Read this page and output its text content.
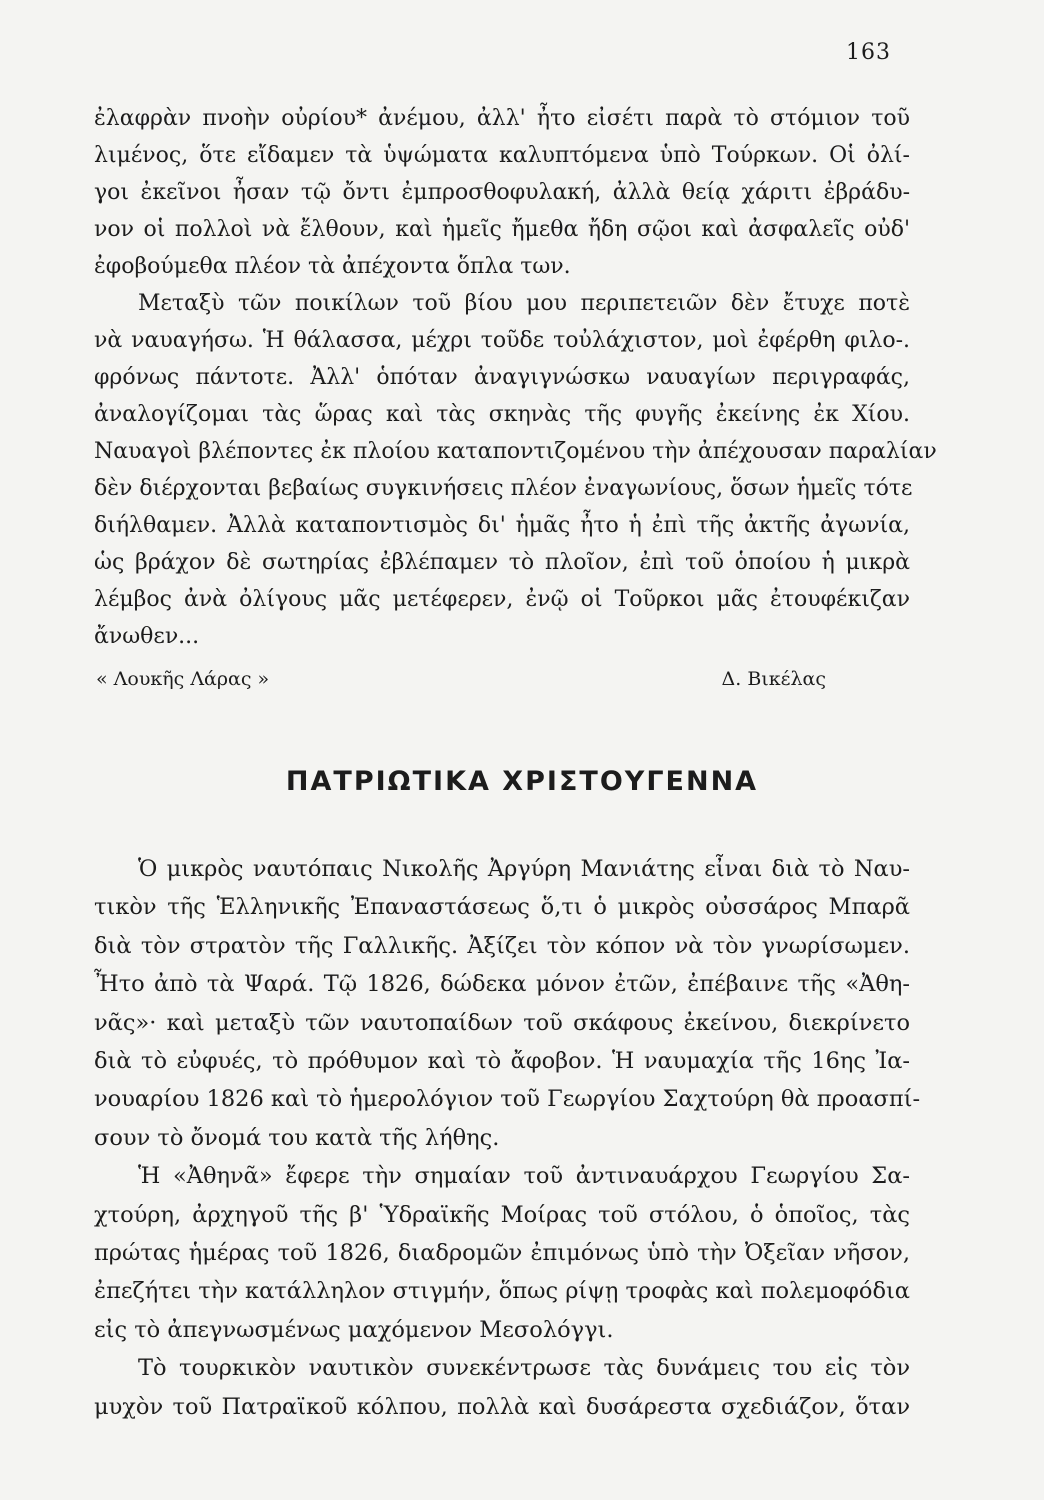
163
ἐλαφρὰν πνοὴν οὐρίου* ἀνέμου, ἀλλ' ἦτο εἰσέτι παρὰ τὸ στόμιον τοῦ
λιμένος, ὅτε εἴδαμεν τὰ ὑψώματα καλυπτόμενα ὑπὸ Τούρκων. Οἱ ὀλί-
γοι ἐκεῖνοι ἦσαν τῷ ὄντι ἐμπροσθοφυλακή, ἀλλὰ θείᾳ χάριτι ἐβράδυ-
νον οἱ πολλοὶ νὰ ἔλθουν, καὶ ἡμεῖς ἤμεθα ἤδη σῷοι καὶ ἀσφαλεῖς οὐδ'
ἐφοβούμεθα πλέον τὰ ἀπέχοντα ὅπλα των.
Μεταξὺ τῶν ποικίλων τοῦ βίου μου περιπετειῶν δὲν ἔτυχε ποτὲ
νὰ ναυαγήσω. Ἡ θάλασσα, μέχρι τοῦδε τοὐλάχιστον, μοὶ ἐφέρθη φιλο-.
φρόνως πάντοτε. Ἀλλ' ὁπόταν ἀναγιγνώσκω ναυαγίων περιγραφάς,
ἀναλογίζομαι τὰς ὥρας καὶ τὰς σκηνὰς τῆς φυγῆς ἐκείνης ἐκ Χίου.
Ναυαγοὶ βλέποντες ἐκ πλοίου καταποντιζομένου τὴν ἀπέχουσαν παραλίαν
δὲν διέρχονται βεβαίως συγκινήσεις πλέον ἐναγωνίους, ὅσων ἡμεῖς τότε
διήλθαμεν. Ἀλλὰ καταποντισμὸς δι' ἡμᾶς ἦτο ἡ ἐπὶ τῆς ἀκτῆς ἀγωνία,
ὡς βράχον δὲ σωτηρίας ἐβλέπαμεν τὸ πλοῖον, ἐπὶ τοῦ ὁποίου ἡ μικρὰ
λέμβος ἀνὰ ὀλίγους μᾶς μετέφερεν, ἐνῷ οἱ Τοῦρκοι μᾶς ἐτουφέκιζαν
ἄνωθεν...
« Λουκῆς Λάρας »	Δ. Βικέλας
ΠΑΤΡΙΩΤΙΚΑ ΧΡΙΣΤΟΥΓΕΝΝΑ
Ὁ μικρὸς ναυτόπαις Νικολῆς Ἀργύρη Μανιάτης εἶναι διὰ τὸ Ναυ-
τικὸν τῆς Ἑλληνικῆς Ἐπαναστάσεως ὅ,τι ὁ μικρὸς οὐσσάρος Μπαρᾶ
διὰ τὸν στρατὸν τῆς Γαλλικῆς. Ἀξίζει τὸν κόπον νὰ τὸν γνωρίσωμεν.
Ἦτο ἀπὸ τὰ Ψαρά. Τῷ 1826, δώδεκα μόνον ἐτῶν, ἐπέβαινε τῆς «Ἀθη-
νᾶς»· καὶ μεταξὺ τῶν ναυτοπαίδων τοῦ σκάφους ἐκείνου, διεκρίνετο
διὰ τὸ εὐφυές, τὸ πρόθυμον καὶ τὸ ἄφοβον. Ἡ ναυμαχία τῆς 16ης Ἰα-
νουαρίου 1826 καὶ τὸ ἡμερολόγιον τοῦ Γεωργίου Σαχτούρη θὰ προασπί-
σουν τὸ ὄνομά του κατὰ τῆς λήθης.
Ἡ «Ἀθηνᾶ» ἔφερε τὴν σημαίαν τοῦ ἀντιναυάρχου Γεωργίου Σα-
χτούρη, ἀρχηγοῦ τῆς β' Ὑδραϊκῆς Μοίρας τοῦ στόλου, ὁ ὁποῖος, τὰς
πρώτας ἡμέρας τοῦ 1826, διαδρομῶν ἐπιμόνως ὑπὸ τὴν Ὀξεῖαν νῆσον,
ἐπεζήτει τὴν κατάλληλον στιγμήν, ὅπως ρίψῃ τροφὰς καὶ πολεμοφόδια
εἰς τὸ ἀπεγνωσμένως μαχόμενον Μεσολόγγι.
Τὸ τουρκικὸν ναυτικὸν συνεκέντρωσε τὰς δυνάμεις του εἰς τὸν
μυχὸν τοῦ Πατραϊκοῦ κόλπου, πολλὰ καὶ δυσάρεστα σχεδιάζον, ὅταν
